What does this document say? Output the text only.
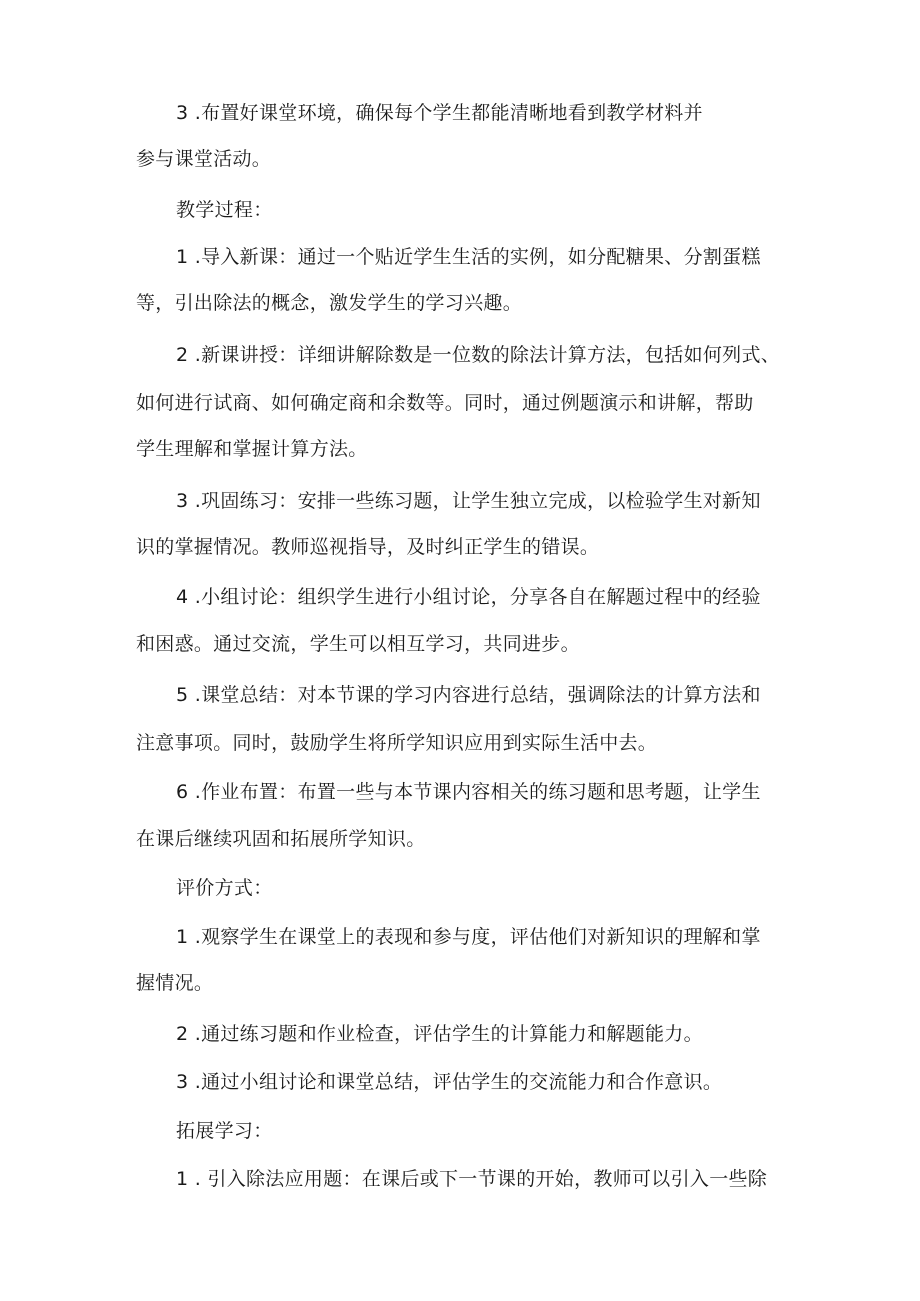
3 .布置好课堂环境，确保每个学生都能清晰地看到教学材料并
参与课堂活动。
教学过程：
1 .导入新课：通过一个贴近学生生活的实例，如分配糖果、分割蛋糕
等，引出除法的概念，激发学生的学习兴趣。
2 .新课讲授：详细讲解除数是一位数的除法计算方法，包括如何列式、
如何进行试商、如何确定商和余数等。同时，通过例题演示和讲解，帮助
学生理解和掌握计算方法。
3 .巩固练习：安排一些练习题，让学生独立完成，以检验学生对新知
识的掌握情况。教师巡视指导，及时纠正学生的错误。
4 .小组讨论：组织学生进行小组讨论，分享各自在解题过程中的经验
和困惑。通过交流，学生可以相互学习，共同进步。
5 .课堂总结：对本节课的学习内容进行总结，强调除法的计算方法和
注意事项。同时，鼓励学生将所学知识应用到实际生活中去。
6 .作业布置：布置一些与本节课内容相关的练习题和思考题，让学生
在课后继续巩固和拓展所学知识。
评价方式：
1 .观察学生在课堂上的表现和参与度，评估他们对新知识的理解和掌
握情况。
2 .通过练习题和作业检查，评估学生的计算能力和解题能力。
3 .通过小组讨论和课堂总结，评估学生的交流能力和合作意识。
拓展学习：
1 . 引入除法应用题：在课后或下一节课的开始，教师可以引入一些除
